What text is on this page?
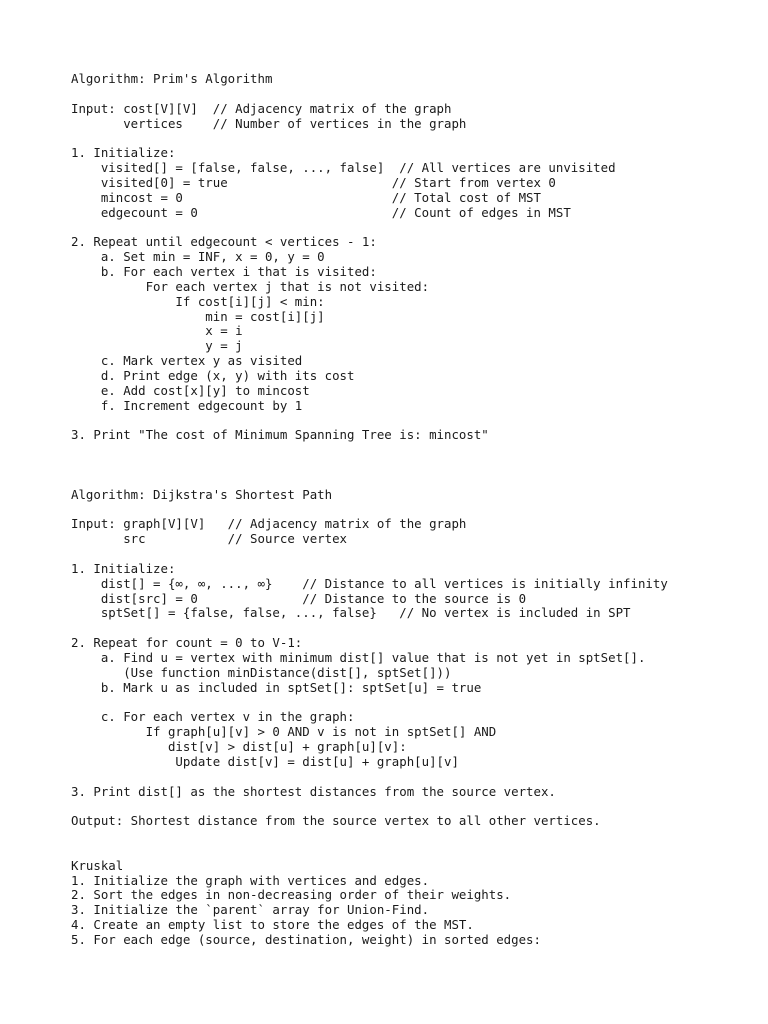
Algorithm: Prim's Algorithm
Input: cost[V][V]  // Adjacency matrix of the graph
vertices    // Number of vertices in the graph
1. Initialize:
visited[] = [false, false, ..., false]  // All vertices are unvisited
visited[0] = true                      // Start from vertex 0
mincost = 0                            // Total cost of MST
edgecount = 0                          // Count of edges in MST
2. Repeat until edgecount < vertices - 1:
a. Set min = INF, x = 0, y = 0
b. For each vertex i that is visited:
For each vertex j that is not visited:
If cost[i][j] < min:
min = cost[i][j]
x = i
y = j
c. Mark vertex y as visited
d. Print edge (x, y) with its cost
e. Add cost[x][y] to mincost
f. Increment edgecount by 1
3. Print "The cost of Minimum Spanning Tree is: mincost"
Algorithm: Dijkstra's Shortest Path
Input: graph[V][V]   // Adjacency matrix of the graph
src           // Source vertex
1. Initialize:
dist[] = {∞, ∞, ..., ∞}    // Distance to all vertices is initially infinity
dist[src] = 0              // Distance to the source is 0
sptSet[] = {false, false, ..., false}   // No vertex is included in SPT
2. Repeat for count = 0 to V-1:
a. Find u = vertex with minimum dist[] value that is not yet in sptSet[].
(Use function minDistance(dist[], sptSet[]))
b. Mark u as included in sptSet[]: sptSet[u] = true
c. For each vertex v in the graph:
If graph[u][v] > 0 AND v is not in sptSet[] AND
dist[v] > dist[u] + graph[u][v]:
Update dist[v] = dist[u] + graph[u][v]
3. Print dist[] as the shortest distances from the source vertex.
Output: Shortest distance from the source vertex to all other vertices.
Kruskal
1. Initialize the graph with vertices and edges.
2. Sort the edges in non-decreasing order of their weights.
3. Initialize the `parent` array for Union-Find.
4. Create an empty list to store the edges of the MST.
5. For each edge (source, destination, weight) in sorted edges:
